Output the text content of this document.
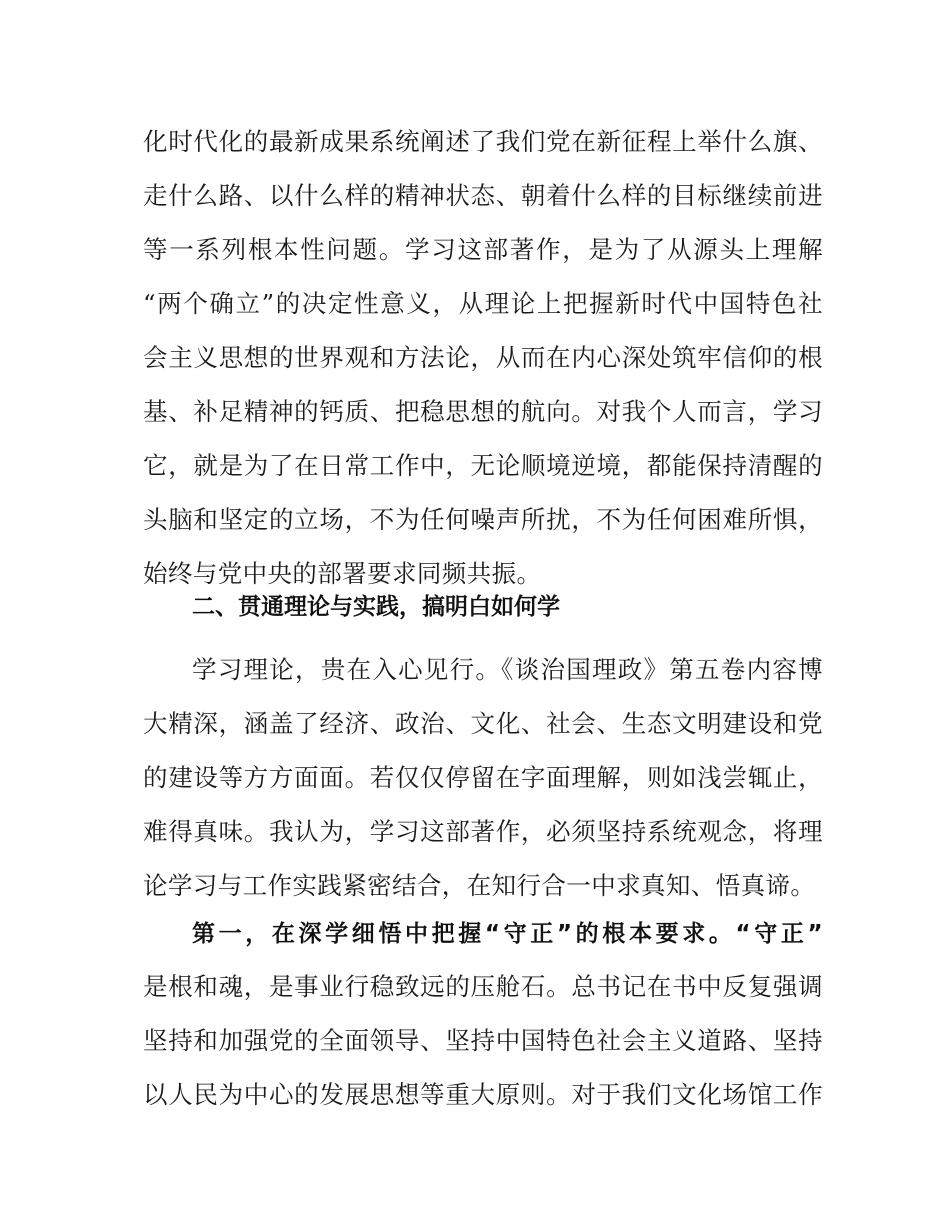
化时代化的最新成果系统阐述了我们党在新征程上举什么旗、
走什么路、以什么样的精神状态、朝着什么样的目标继续前进
等一系列根本性问题。学习这部著作，是为了从源头上理解
“两个确立”的决定性意义，从理论上把握新时代中国特色社
会主义思想的世界观和方法论，从而在内心深处筑牢信仰的根
基、补足精神的钙质、把稳思想的航向。对我个人而言，学习
它，就是为了在日常工作中，无论顺境逆境，都能保持清醒的
头脑和坚定的立场，不为任何噪声所扰，不为任何困难所惧，
始终与党中央的部署要求同频共振。
二、贯通理论与实践，搞明白如何学
学习理论，贵在入心见行。《谈治国理政》第五卷内容博
大精深，涵盖了经济、政治、文化、社会、生态文明建设和党
的建设等方方面面。若仅仅停留在字面理解，则如浅尝辄止，
难得真味。我认为，学习这部著作，必须坚持系统观念，将理
论学习与工作实践紧密结合，在知行合一中求真知、悟真谛。
第一，在深学细悟中把握“守正”的根本要求。“守正”
是根和魂，是事业行稳致远的压舱石。总书记在书中反复强调
坚持和加强党的全面领导、坚持中国特色社会主义道路、坚持
以人民为中心的发展思想等重大原则。对于我们文化场馆工作
